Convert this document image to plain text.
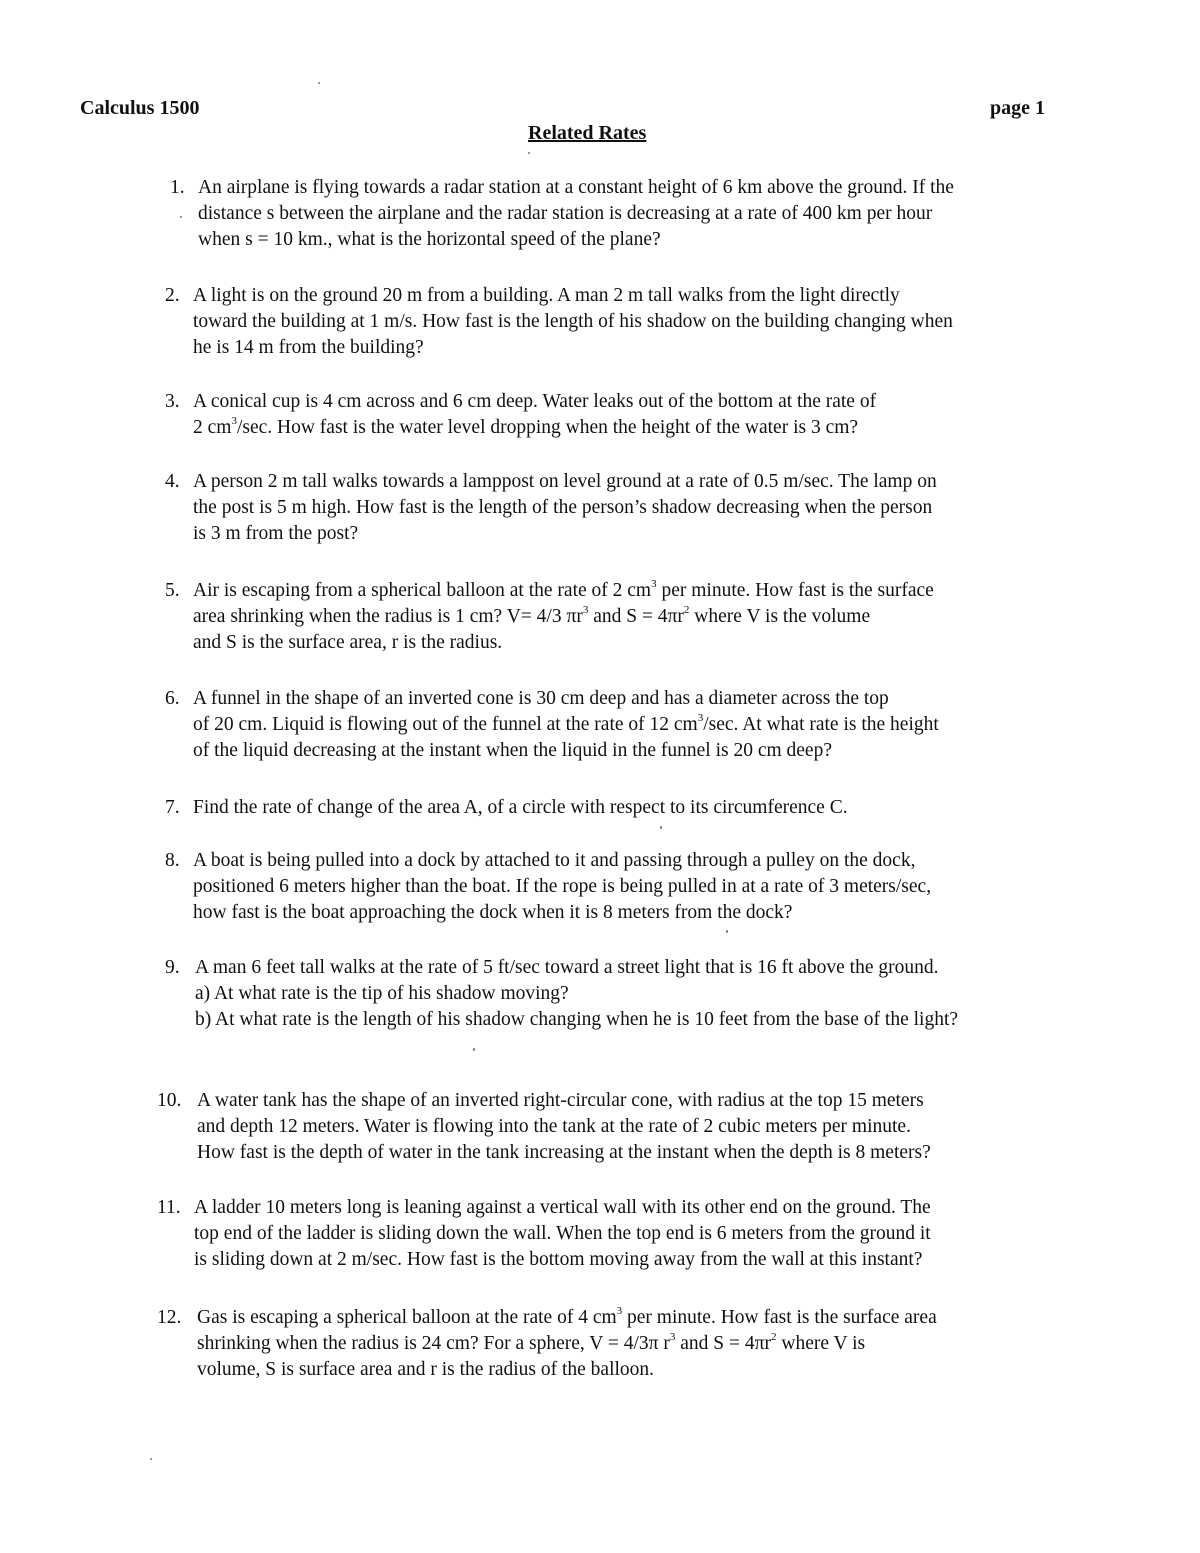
Calculus 1500	page 1
Related Rates
1. An airplane is flying towards a radar station at a constant height of 6 km above the ground. If the
distance s between the airplane and the radar station is decreasing at a rate of 400 km per hour
when s = 10 km., what is the horizontal speed of the plane?
2. A light is on the ground 20 m from a building. A man 2 m tall walks from the light directly
toward the building at 1 m/s. How fast is the length of his shadow on the building changing when
he is 14 m from the building?
3. A conical cup is 4 cm across and 6 cm deep. Water leaks out of the bottom at the rate of
2 $cm^3/\sec$. How fast is the water level dropping when the height of the water is 3 cm?
4. A person 2 m tall walks towards a lamppost on level ground at a rate of 0.5 m/sec. The lamp on
the post is 5 m high. How fast is the length of the person’s shadow decreasing when the person
is 3 m from the post?
5. Air is escaping from a spherical balloon at the rate of 2 $cm^3$ per minute. How fast is the surface
area shrinking when the radius is 1 cm? V= 4/3 $\pi r^3$ and $S = 4\pi r^2$ where V is the volume
and S is the surface area, r is the radius.
6. A funnel in the shape of an inverted cone is 30 cm deep and has a diameter across the top
of 20 cm. Liquid is flowing out of the funnel at the rate of 12 $cm^3/\sec$. At what rate is the height
of the liquid decreasing at the instant when the liquid in the funnel is 20 cm deep?
7. Find the rate of change of the area A, of a circle with respect to its circumference C.
8. A boat is being pulled into a dock by attached to it and passing through a pulley on the dock,
positioned 6 meters higher than the boat. If the rope is being pulled in at a rate of 3 meters/sec,
how fast is the boat approaching the dock when it is 8 meters from the dock?
9. A man 6 feet tall walks at the rate of 5 ft/sec toward a street light that is 16 ft above the ground.
a) At what rate is the tip of his shadow moving?
b) At what rate is the length of his shadow changing when he is 10 feet from the base of the light?
10. A water tank has the shape of an inverted right-circular cone, with radius at the top 15 meters
and depth 12 meters. Water is flowing into the tank at the rate of 2 cubic meters per minute.
How fast is the depth of water in the tank increasing at the instant when the depth is 8 meters?
11. A ladder 10 meters long is leaning against a vertical wall with its other end on the ground. The
top end of the ladder is sliding down the wall. When the top end is 6 meters from the ground it
is sliding down at 2 m/sec. How fast is the bottom moving away from the wall at this instant?
12. Gas is escaping a spherical balloon at the rate of 4 $cm^3$ per minute. How fast is the surface area
shrinking when the radius is 24 cm? For a sphere, V = 4/3π $r^3$ and $S = 4\pi r^2$ where V is
volume, S is surface area and r is the radius of the balloon.
